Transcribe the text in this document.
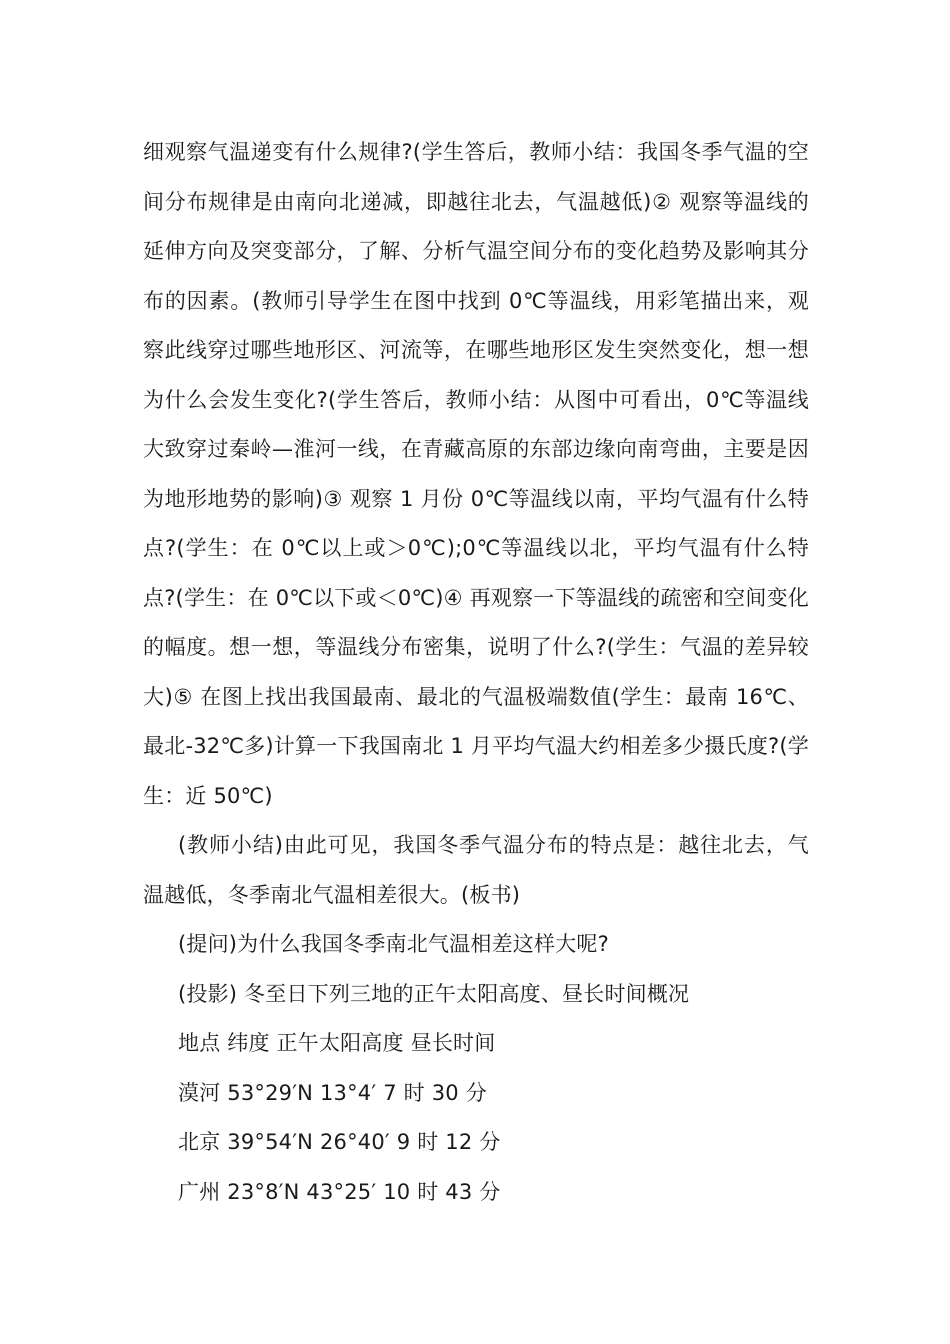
细观察气温递变有什么规律?(学生答后，教师小结：我国冬季气温的空间分布规律是由南向北递减，即越往北去，气温越低)② 观察等温线的延伸方向及突变部分，了解、分析气温空间分布的变化趋势及影响其分布的因素。(教师引导学生在图中找到 0℃等温线，用彩笔描出来，观察此线穿过哪些地形区、河流等，在哪些地形区发生突然变化，想一想为什么会发生变化?(学生答后，教师小结：从图中可看出，0℃等温线大致穿过秦岭—淮河一线，在青藏高原的东部边缘向南弯曲，主要是因为地形地势的影响)③ 观察 1 月份 0℃等温线以南，平均气温有什么特点?(学生：在 0℃以上或＞0℃);0℃等温线以北，平均气温有什么特点?(学生：在 0℃以下或＜0℃)④ 再观察一下等温线的疏密和空间变化的幅度。想一想，等温线分布密集，说明了什么?(学生：气温的差异较大)⑤ 在图上找出我国最南、最北的气温极端数值(学生：最南 16℃、最北-32℃多)计算一下我国南北 1 月平均气温大约相差多少摄氏度?(学生：近 50℃)

(教师小结)由此可见，我国冬季气温分布的特点是：越往北去，气温越低，冬季南北气温相差很大。(板书)

(提问)为什么我国冬季南北气温相差这样大呢?

(投影) 冬至日下列三地的正午太阳高度、昼长时间概况

地点 纬度 正午太阳高度 昼长时间

漠河 53°29′N 13°4′ 7 时 30 分

北京 39°54′N 26°40′ 9 时 12 分

广州 23°8′N 43°25′ 10 时 43 分
